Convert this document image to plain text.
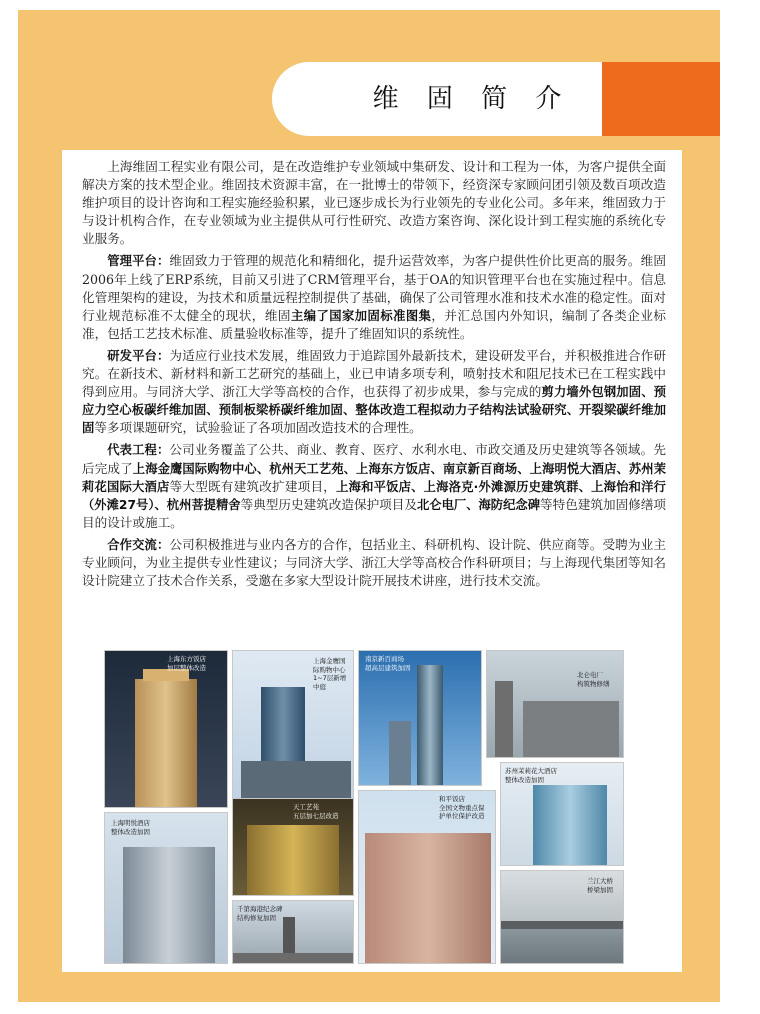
维 固 简 介

上海维固工程实业有限公司，是在改造维护专业领域中集研发、设计和工程为一体，为客户提供全面解决方案的技术型企业。维固技术资源丰富，在一批博士的带领下，经资深专家顾问团引领及数百项改造维护项目的设计咨询和工程实施经验积累，业已逐步成长为行业领先的专业化公司。多年来，维固致力于与设计机构合作，在专业领域为业主提供从可行性研究、改造方案咨询、深化设计到工程实施的系统化专业服务。

管理平台：维固致力于管理的规范化和精细化，提升运营效率，为客户提供性价比更高的服务。维固2006年上线了ERP系统，目前又引进了CRM管理平台，基于OA的知识管理平台也在实施过程中。信息化管理架构的建设，为技术和质量远程控制提供了基础，确保了公司管理水准和技术水准的稳定性。面对行业规范标准不太健全的现状，维固主编了国家加固标准图集，并汇总国内外知识，编制了各类企业标准，包括工艺技术标准、质量验收标准等，提升了维固知识的系统性。

研发平台：为适应行业技术发展，维固致力于追踪国外最新技术，建设研发平台，并积极推进合作研究。在新技术、新材料和新工艺研究的基础上，业已申请多项专利，喷射技术和阻尼技术已在工程实践中得到应用。与同济大学、浙江大学等高校的合作，也获得了初步成果，参与完成的剪力墙外包钢加固、预应力空心板碳纤维加固、预制板梁桥碳纤维加固、整体改造工程拟动力子结构法试验研究、开裂梁碳纤维加固等多项课题研究，试验验证了各项加固改造技术的合理性。

代表工程：公司业务覆盖了公共、商业、教育、医疗、水利水电、市政交通及历史建筑等各领域。先后完成了上海金鹰国际购物中心、杭州天工艺苑、上海东方饭店、南京新百商场、上海明悦大酒店、苏州茉莉花国际大酒店等大型既有建筑改扩建项目，上海和平饭店、上海洛克·外滩源历史建筑群、上海怡和洋行（外滩27号）、杭州菩提精舍等典型历史建筑改造保护项目及北仑电厂、海防纪念碑等特色建筑加固修缮项目的设计或施工。

合作交流：公司积极推进与业内各方的合作，包括业主、科研机构、设计院、供应商等。受聘为业主专业顾问，为业主提供专业性建议；与同济大学、浙江大学等高校合作科研项目；与上海现代集团等知名设计院建立了技术合作关系，受邀在多家大型设计院开展技术讲座，进行技术交流。

上海东方饭店
加层整体改造
上海金鹰国
际购物中心
1~7层新增
中庭
南京新百商场
超高层建筑加固
北仑电厂
构筑物修缮
上海明悦酒店
整体改造加固
天工艺苑
五层加七层改造
和平饭店
全国文物重点保
护单位保护改造
苏州茉莉花大酒店
整体改造加固
千第海港纪念碑
结构修复加固
兰江大桥
桥梁加固
